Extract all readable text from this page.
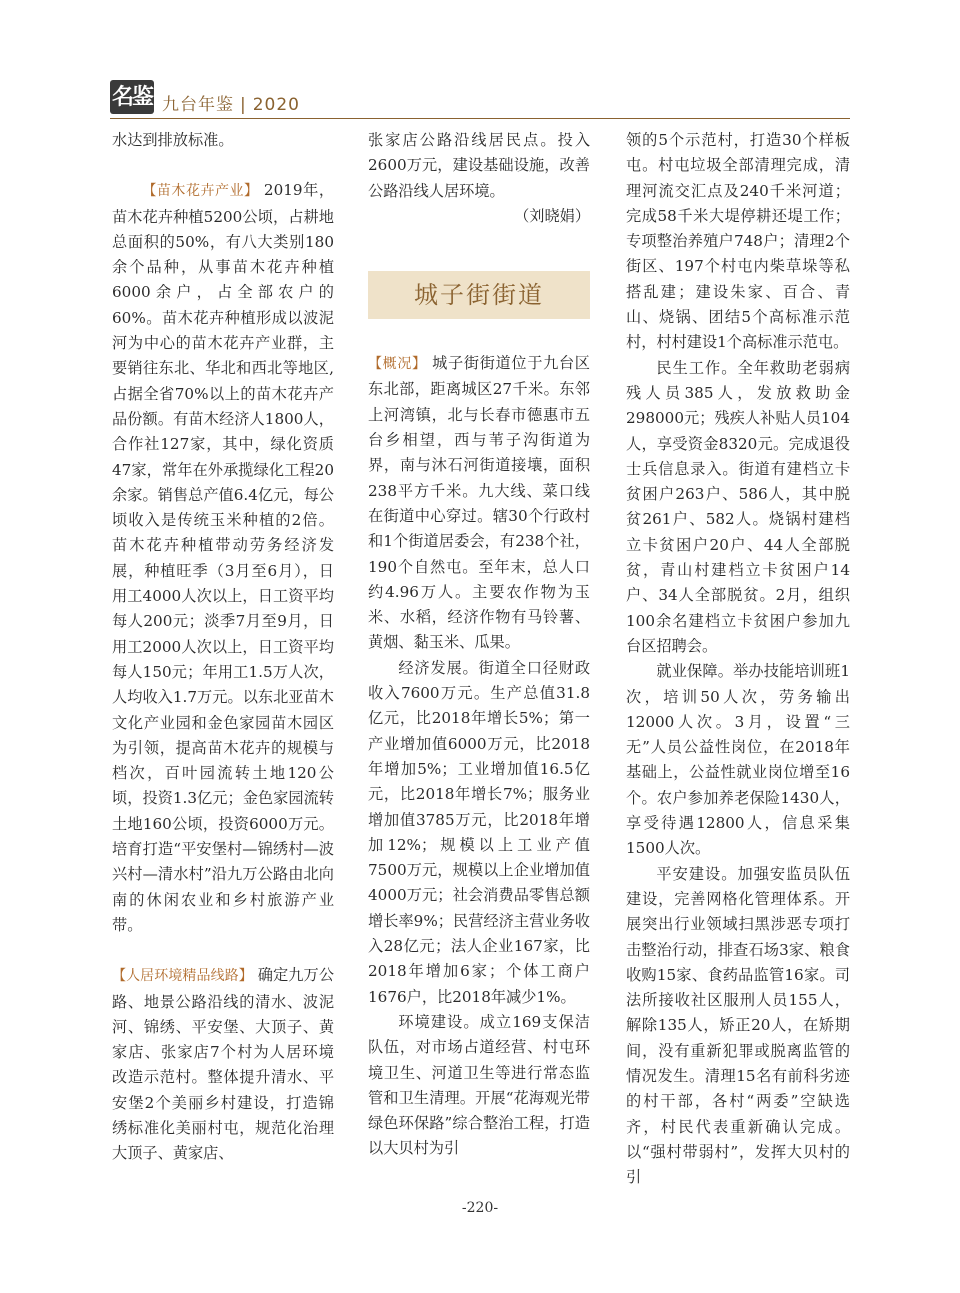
名鉴 九台年鉴 | 2020

水达到排放标准。

【苗木花卉产业】 2019年，苗木花卉种植5200公顷，占耕地总面积的50%，有八大类别180余个品种，从事苗木花卉种植6000余户，占全部农户的60%。苗木花卉种植形成以波泥河为中心的苗木花卉产业群，主要销往东北、华北和西北等地区,占据全省70%以上的苗木花卉产品份额。有苗木经济人1800人，合作社127家，其中，绿化资质47家，常年在外承揽绿化工程20余家。销售总产值6.4亿元，每公顷收入是传统玉米种植的2倍。苗木花卉种植带动劳务经济发展，种植旺季（3月至6月），日用工4000人次以上，日工资平均每人200元；淡季7月至9月，日用工2000人次以上，日工资平均每人150元；年用工1.5万人次，人均收入1.7万元。以东北亚苗木文化产业园和金色家园苗木园区为引领，提高苗木花卉的规模与档次，百叶园流转土地120公顷，投资1.3亿元；金色家园流转土地160公顷，投资6000万元。培育打造“平安堡村—锦绣村—波兴村—清水村”沿九万公路由北向南的休闲农业和乡村旅游产业带。

【人居环境精品线路】 确定九万公路、地景公路沿线的清水、波泥河、锦绣、平安堡、大顶子、黄家店、张家店7个村为人居环境改造示范村。整体提升清水、平安堡2个美丽乡村建设，打造锦绣标准化美丽村屯，规范化治理大顶子、黄家店、

张家店公路沿线居民点。投入2600万元，建设基础设施，改善公路沿线人居环境。

（刘晓娟）

城子街街道

【概况】 城子街街道位于九台区东北部，距离城区27千米。东邻上河湾镇，北与长春市德惠市五台乡相望，西与苇子沟街道为界，南与沐石河街道接壤，面积238平方千米。九大线、菜口线在街道中心穿过。辖30个行政村和1个街道居委会，有238个社，190个自然屯。至年末，总人口约4.96万人。主要农作物为玉米、水稻，经济作物有马铃薯、黄烟、黏玉米、瓜果。

经济发展。街道全口径财政收入7600万元。生产总值31.8亿元，比2018年增长5%；第一产业增加值6000万元，比2018年增加5%；工业增加值16.5亿元，比2018年增长7%；服务业增加值3785万元，比2018年增加12%；规模以上工业产值7500万元，规模以上企业增加值4000万元；社会消费品零售总额增长率9%；民营经济主营业务收入28亿元；法人企业167家，比2018年增加6家；个体工商户1676户，比2018年减少1%。

环境建设。成立169支保洁队伍，对市场占道经营、村屯环境卫生、河道卫生等进行常态监管和卫生清理。开展“花海观光带　绿色环保路”综合整治工程，打造以大贝村为引

领的5个示范村，打造30个样板屯。村屯垃圾全部清理完成，清理河流交汇点及240千米河道；完成58千米大堤停耕还堤工作；专项整治养殖户748户；清理2个街区、197个村屯内柴草垛等私搭乱建；建设朱家、百合、青山、烧锅、团结5个高标准示范村，村村建设1个高标准示范屯。

民生工作。全年救助老弱病残人员385人，发放救助金298000元；残疾人补贴人员104人，享受资金8320元。完成退役士兵信息录入。街道有建档立卡贫困户263户、586人，其中脱贫261户、582人。烧锅村建档立卡贫困户20户、44人全部脱贫，青山村建档立卡贫困户14户、34人全部脱贫。2月，组织100余名建档立卡贫困户参加九台区招聘会。

就业保障。举办技能培训班1次，培训50人次，劳务输出12000人次。3月，设置“三无”人员公益性岗位，在2018年基础上，公益性就业岗位增至16个。农户参加养老保险1430人，享受待遇12800人，信息采集1500人次。

平安建设。加强安监员队伍建设，完善网格化管理体系。开展突出行业领域扫黑涉恶专项打击整治行动，排查石场3家、粮食收购15家、食药品监管16家。司法所接收社区服刑人员155人，解除135人，矫正20人，在矫期间，没有重新犯罪或脱离监管的情况发生。清理15名有前科劣迹的村干部，各村“两委”空缺选齐，村民代表重新确认完成。以“强村带弱村”，发挥大贝村的引

-220-
